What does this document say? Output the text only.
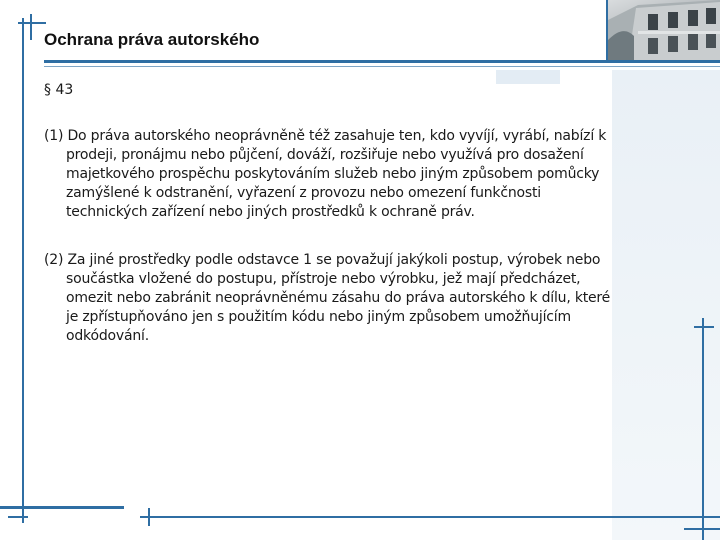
Ochrana práva autorského
§ 43
(1) Do práva autorského neoprávněně též zasahuje ten, kdo vyvíjí, vyrábí, nabízí k prodeji, pronájmu nebo půjčení, dováží, rozšiřuje nebo využívá pro dosažení majetkového prospěchu poskytováním služeb nebo jiným způsobem pomůcky zamýšlené k odstranění, vyřazení z provozu nebo omezení funkčnosti technických zařízení nebo jiných prostředků k ochraně práv.
(2) Za jiné prostředky podle odstavce 1 se považují jakýkoli postup, výrobek nebo součástka vložené do postupu, přístroje nebo výrobku, jež mají předcházet, omezit nebo zabránit neoprávněnému zásahu do práva autorského k dílu, které je zpřístupňováno jen s použitím kódu nebo jiným způsobem umožňujícím odkódování.
